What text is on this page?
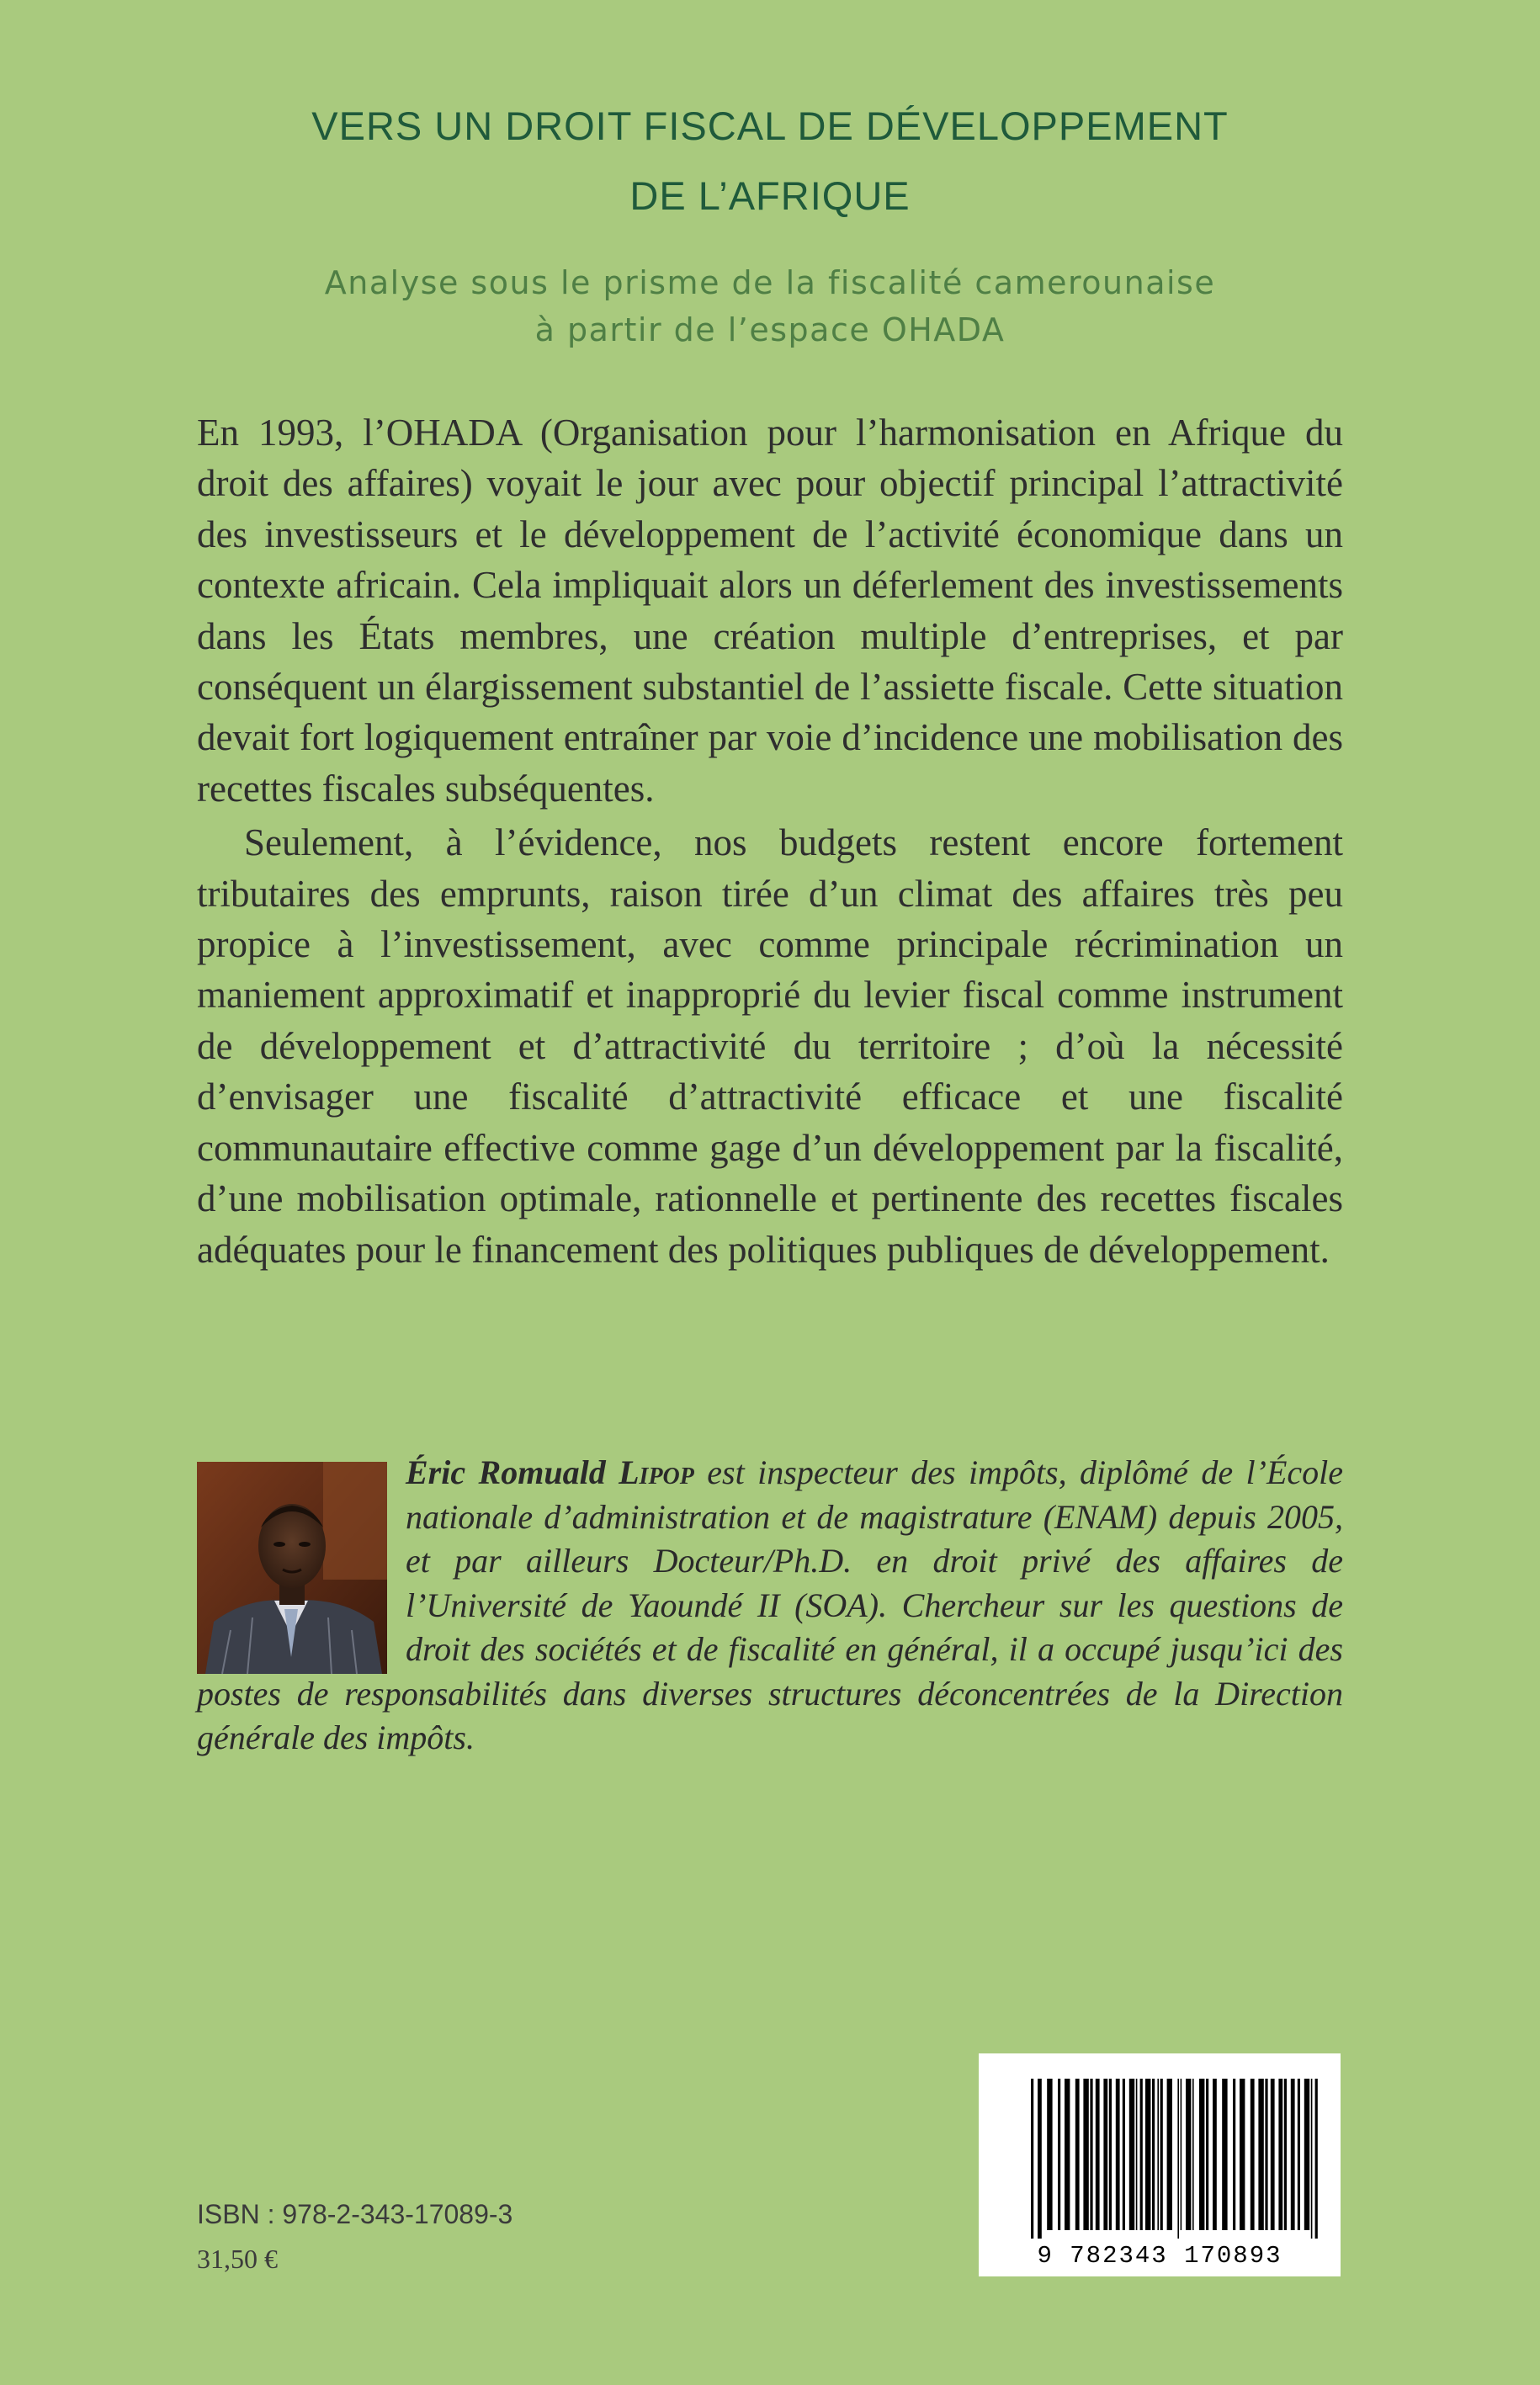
VERS UN DROIT FISCAL DE DÉVELOPPEMENT
DE L’AFRIQUE
Analyse sous le prisme de la fiscalité camerounaise
à partir de l’espace OHADA

En 1993, l’OHADA (Organisation pour l’harmonisation en Afrique du droit des affaires) voyait le jour avec pour objectif principal l’attractivité des investisseurs et le développement de l’activité économique dans un contexte africain. Cela impliquait alors un déferlement des investissements dans les États membres, une création multiple d’entreprises, et par conséquent un élargissement substantiel de l’assiette fiscale. Cette situation devait fort logiquement entraîner par voie d’incidence une mobilisation des recettes fiscales subséquentes.

Seulement, à l’évidence, nos budgets restent encore fortement tributaires des emprunts, raison tirée d’un climat des affaires très peu propice à l’investissement, avec comme principale récrimination un maniement approximatif et inapproprié du levier fiscal comme instrument de développement et d’attractivité du territoire ; d’où la nécessité d’envisager une fiscalité d’attractivité efficace et une fiscalité communautaire effective comme gage d’un développement par la fiscalité, d’une mobilisation optimale, rationnelle et pertinente des recettes fiscales adéquates pour le financement des politiques publiques de développement.

Éric Romuald Lipop est inspecteur des impôts, diplômé de l’École nationale d’administration et de magistrature (ENAM) depuis 2005, et par ailleurs Docteur/Ph.D. en droit privé des affaires de l’Université de Yaoundé II (SOA). Chercheur sur les questions de droit des sociétés et de fiscalité en général, il a occupé jusqu’ici des postes de responsabilités dans diverses structures déconcentrées de la Direction générale des impôts.
ISBN : 978-2-343-17089-3
31,50 €	9 782343 170893
